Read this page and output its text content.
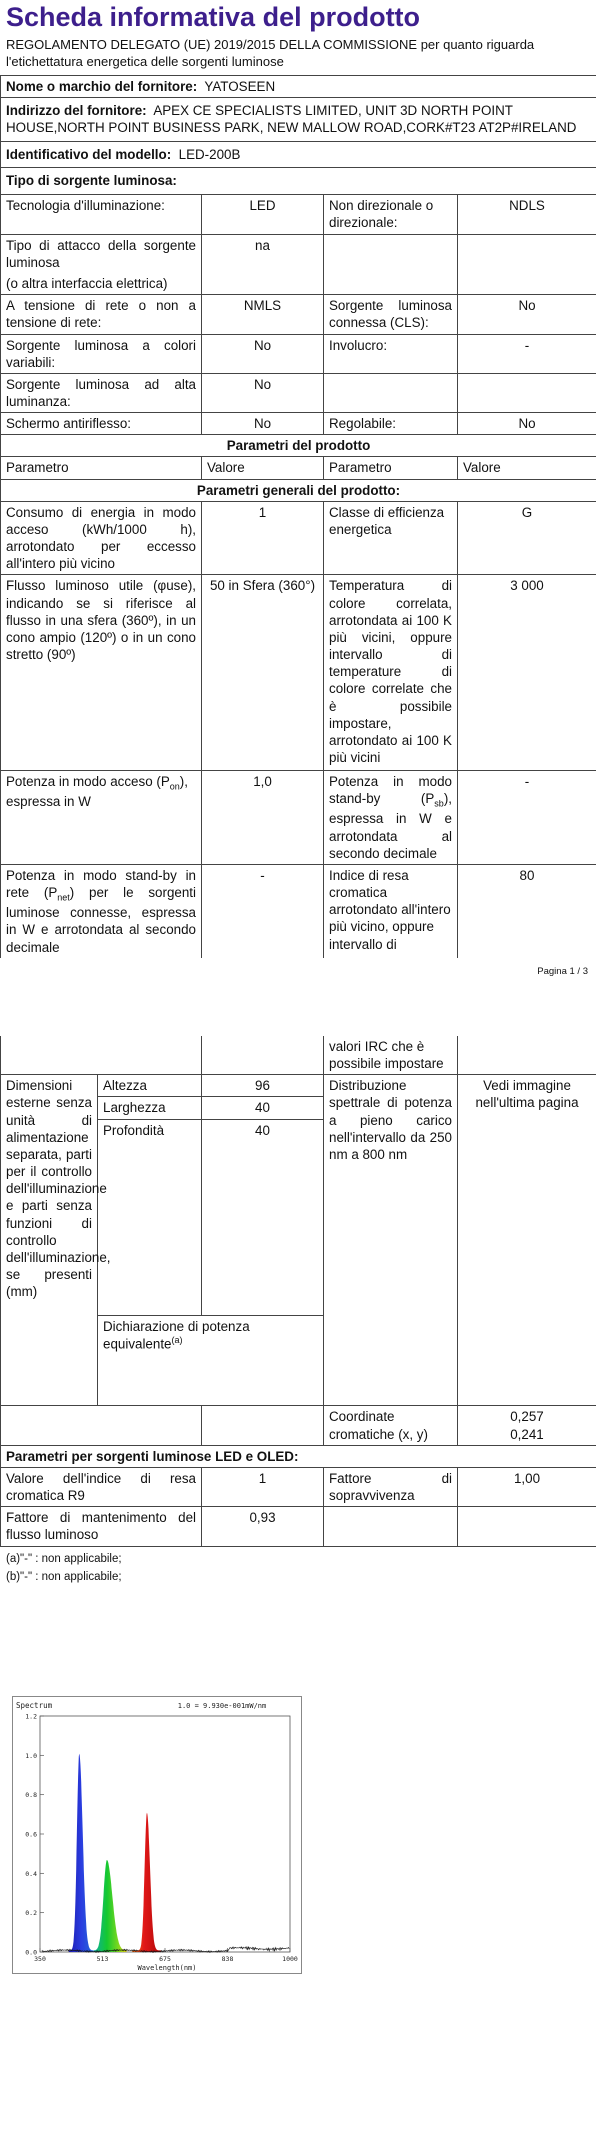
Scheda informativa del prodotto
REGOLAMENTO DELEGATO (UE) 2019/2015 DELLA COMMISSIONE per quanto riguarda l'etichettatura energetica delle sorgenti luminose
Nome o marchio del fornitore: YATOSEEN			
Indirizzo del fornitore: APEX CE SPECIALISTS LIMITED, UNIT 3D NORTH POINT HOUSE,NORTH POINT BUSINESS PARK, NEW MALLOW ROAD,CORK#T23 AT2P#IRELAND			
Identificativo del modello: LED-200B			
Tipo di sorgente luminosa:			
Tecnologia d'illuminazione:	LED	Non direzionale o direzionale:	NDLS
Tipo di attacco della sorgente luminosa

(o altra interfaccia elettrica)	na		
A tensione di rete o non a tensione di rete:	NMLS	Sorgente luminosa connessa (CLS):	No
Sorgente luminosa a colori variabili:	No	Involucro:	-
Sorgente luminosa ad alta luminanza:	No		
Schermo antiriflesso:	No	Regolabile:	No
Parametri del prodotto			
Parametro	Valore	Parametro	Valore
Parametri generali del prodotto:			
Consumo di energia in modo acceso (kWh/1000 h), arrotondato per eccesso all'intero più vicino	1	Classe di efficienza energetica	G
Flusso luminoso utile (φuse), indicando se si riferisce al flusso in una sfera (360º), in un cono ampio (120º) o in un cono stretto (90º)	50 in Sfera (360°)	Temperatura di colore correlata, arrotondata ai 100 K più vicini, oppure intervallo di temperature di colore correlate che è possibile impostare, arrotondato ai 100 K più vicini	3 000
Potenza in modo acceso $(P_{on})$, espressa in W	1,0	Potenza in modo stand-by $(P_{sb})$, espressa in W e arrotondata al secondo decimale	-
Potenza in modo stand-by in rete $(P_{net})$ per le sorgenti luminose connesse, espressa in W e arrotondata al secondo decimale	-	Indice di resa cromatica arrotondato all'intero più vicino, oppure intervallo di	80
Pagina 1 / 3
			valori IRC che è possibile impostare		
Dimensioni esterne senza unità di alimentazione separata, parti per il controllo dell'illuminazione e parti senza funzioni di controllo dell'illuminazione, se presenti (mm)	Altezza	96	Distribuzione spettrale di potenza a pieno carico nell'intervallo da 250 nm a 800 nm	Vedi immagine nell'ultima pagina	
	Larghezza	40			
	Profondità	40			
	Dichiarazione di potenza equivalente$^{(a)}$			
			Coordinate cromatiche (x, y)	0,257
0,241	
Parametri per sorgenti luminose LED e OLED:					
Valore dell'indice di resa cromatica R9		1	Fattore di sopravvivenza	1,00	
Fattore di mantenimento del flusso luminoso		0,93			
(a)"-" : non applicabile;
(b)"-" : non applicabile;
Spectrum	1.0 = 9.930e-001mW/nm
0.0
0.2
0.4
0.6
0.8
1.0
1.2
350	513	675	838	1000
Wavelength(nm)
